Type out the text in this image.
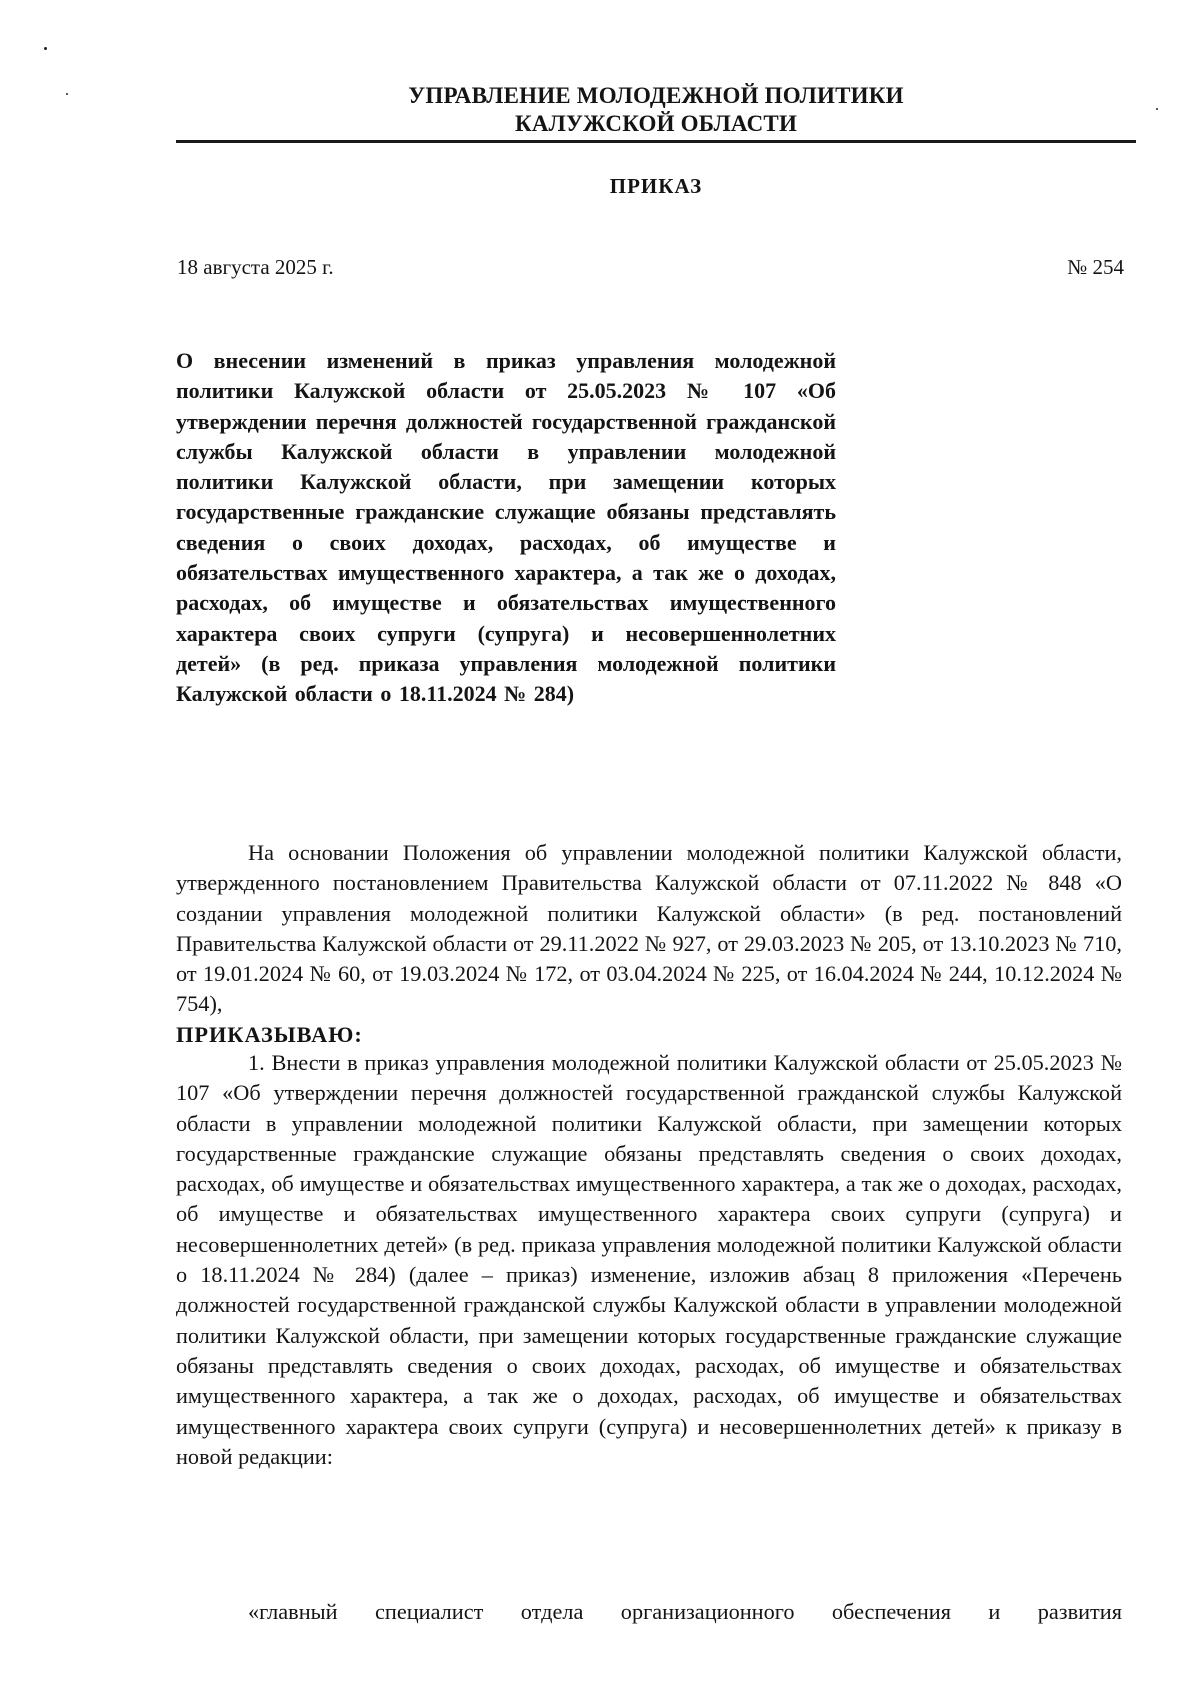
УПРАВЛЕНИЕ МОЛОДЕЖНОЙ ПОЛИТИКИ
КАЛУЖСКОЙ ОБЛАСТИ
ПРИКАЗ
18 августа 2025 г.	№ 254

О внесении изменений в приказ управления молодежной политики Калужской области от 25.05.2023 № 107 «Об утверждении перечня должностей государственной гражданской службы Калужской области в управлении молодежной политики Калужской области, при замещении которых государственные гражданские служащие обязаны представлять сведения о своих доходах, расходах, об имуществе и обязательствах имущественного характера, а так же о доходах, расходах, об имуществе и обязательствах имущественного характера своих супруги (супруга) и несовершеннолетних детей» (в ред. приказа управления молодежной политики Калужской области о 18.11.2024 № 284)

На основании Положения об управлении молодежной политики Калужской области, утвержденного постановлением Правительства Калужской области от 07.11.2022 № 848 «О создании управления молодежной политики Калужской области» (в ред. постановлений Правительства Калужской области от 29.11.2022 № 927, от 29.03.2023 № 205, от 13.10.2023 № 710, от 19.01.2024 № 60, от 19.03.2024 № 172, от 03.04.2024 № 225, от 16.04.2024 № 244, 10.12.2024 № 754),
ПРИКАЗЫВАЮ:

1. Внести в приказ управления молодежной политики Калужской области от 25.05.2023 № 107 «Об утверждении перечня должностей государственной гражданской службы Калужской области в управлении молодежной политики Калужской области, при замещении которых государственные гражданские служащие обязаны представлять сведения о своих доходах, расходах, об имуществе и обязательствах имущественного характера, а так же о доходах, расходах, об имуществе и обязательствах имущественного характера своих супруги (супруга) и несовершеннолетних детей» (в ред. приказа управления молодежной политики Калужской области о 18.11.2024 № 284) (далее – приказ) изменение, изложив абзац 8 приложения «Перечень должностей государственной гражданской службы Калужской области в управлении молодежной политики Калужской области, при замещении которых государственные гражданские служащие обязаны представлять сведения о своих доходах, расходах, об имуществе и обязательствах имущественного характера, а так же о доходах, расходах, об имуществе и обязательствах имущественного характера своих супруги (супруга) и несовершеннолетних детей» к приказу в новой редакции:

«главный специалист отдела организационного обеспечения и развития
